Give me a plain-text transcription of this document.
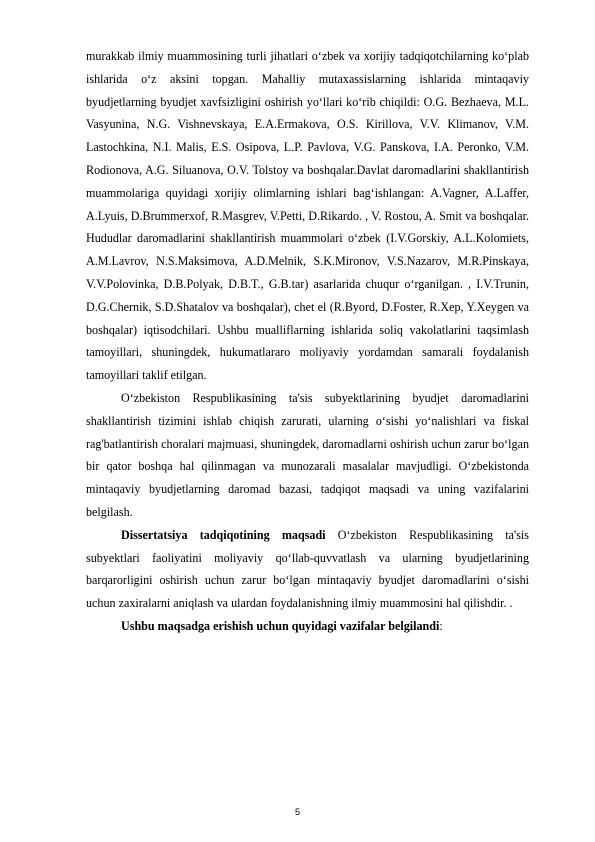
murakkab ilmiy muammosining turli jihatlari o‘zbek va xorijiy tadqiqotchilarning ko‘plab ishlarida o‘z aksini topgan. Mahalliy mutaxassislarning ishlarida mintaqaviy byudjetlarning byudjet xavfsizligini oshirish yo‘llari ko‘rib chiqildi: O.G. Bezhaeva, M.L. Vasyunina, N.G. Vishnevskaya, E.A.Ermakova, O.S. Kirillova, V.V. Klimanov, V.M. Lastochkina, N.I. Malis, E.S. Osipova, L.P. Pavlova, V.G. Panskova, I.A. Peronko, V.M. Rodionova, A.G. Siluanova, O.V. Tolstoy va boshqalar.Davlat daromadlarini shakllantirish muammolariga quyidagi xorijiy olimlarning ishlari bag‘ishlangan: A.Vagner, A.Laffer, A.Lyuis, D.Brummerxof, R.Masgrev, V.Petti, D.Rikardo. , V. Rostou, A. Smit va boshqalar. Hududlar daromadlarini shakllantirish muammolari o‘zbek (I.V.Gorskiy, A.L.Kolomiets, A.M.Lavrov, N.S.Maksimova, A.D.Melnik, S.K.Mironov, V.S.Nazarov, M.R.Pinskaya, V.V.Polovinka, D.B.Polyak, D.B.T., G.B.tar) asarlarida chuqur o‘rganilgan. , I.V.Trunin, D.G.Chernik, S.D.Shatalov va boshqalar), chet el (R.Byord, D.Foster, R.Xep, Y.Xeygen va boshqalar) iqtisodchilari. Ushbu mualliflarning ishlarida soliq vakolatlarini taqsimlash tamoyillari, shuningdek, hukumatlararo moliyaviy yordamdan samarali foydalanish tamoyillari taklif etilgan.

O‘zbekiston Respublikasining ta'sis subyektlarining byudjet daromadlarini shakllantirish tizimini ishlab chiqish zarurati, ularning o‘sishi yo‘nalishlari va fiskal rag'batlantirish choralari majmuasi, shuningdek, daromadlarni oshirish uchun zarur bo‘lgan bir qator boshqa hal qilinmagan va munozarali masalalar mavjudligi. O‘zbekistonda mintaqaviy byudjetlarning daromad bazasi, tadqiqot maqsadi va uning vazifalarini belgilash.

Dissertatsiya tadqiqotining maqsadi O‘zbekiston Respublikasining ta'sis subyektlari faoliyatini moliyaviy qo‘llab-quvvatlash va ularning byudjetlarining barqarorligini oshirish uchun zarur bo‘lgan mintaqaviy byudjet daromadlarini o‘sishi uchun zaxiralarni aniqlash va ulardan foydalanishning ilmiy muammosini hal qilishdir. .

Ushbu maqsadga erishish uchun quyidagi vazifalar belgilandi:

5
